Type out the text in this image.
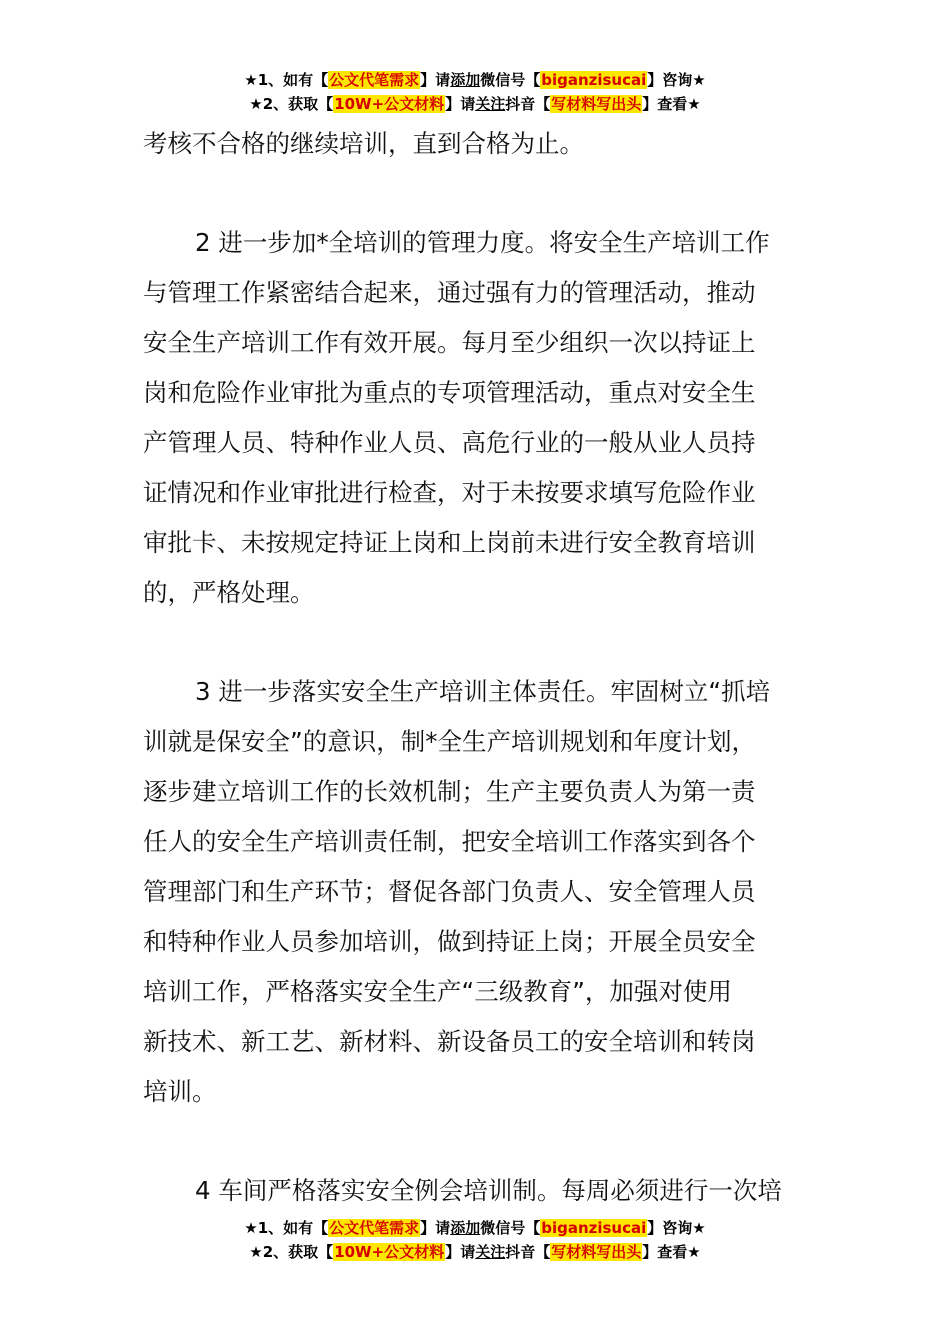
★1、如有【公文代笔需求】请添加微信号【biganzisucai】咨询★
★2、获取【10W+公文材料】请关注抖音【写材料写出头】查看★

考核不合格的继续培训，直到合格为止。

2 进一步加*全培训的管理力度。将安全生产培训工作
与管理工作紧密结合起来，通过强有力的管理活动，推动
安全生产培训工作有效开展。每月至少组织一次以持证上
岗和危险作业审批为重点的专项管理活动，重点对安全生
产管理人员、特种作业人员、高危行业的一般从业人员持
证情况和作业审批进行检查，对于未按要求填写危险作业
审批卡、未按规定持证上岗和上岗前未进行安全教育培训
的，严格处理。

3 进一步落实安全生产培训主体责任。牢固树立“抓培
训就是保安全”的意识，制*全生产培训规划和年度计划，
逐步建立培训工作的长效机制；生产主要负责人为第一责
任人的安全生产培训责任制，把安全培训工作落实到各个
管理部门和生产环节；督促各部门负责人、安全管理人员
和特种作业人员参加培训，做到持证上岗；开展全员安全
培训工作，严格落实安全生产“三级教育”，加强对使用
新技术、新工艺、新材料、新设备员工的安全培训和转岗
培训。

4 车间严格落实安全例会培训制。每周必须进行一次培

★1、如有【公文代笔需求】请添加微信号【biganzisucai】咨询★
★2、获取【10W+公文材料】请关注抖音【写材料写出头】查看★
